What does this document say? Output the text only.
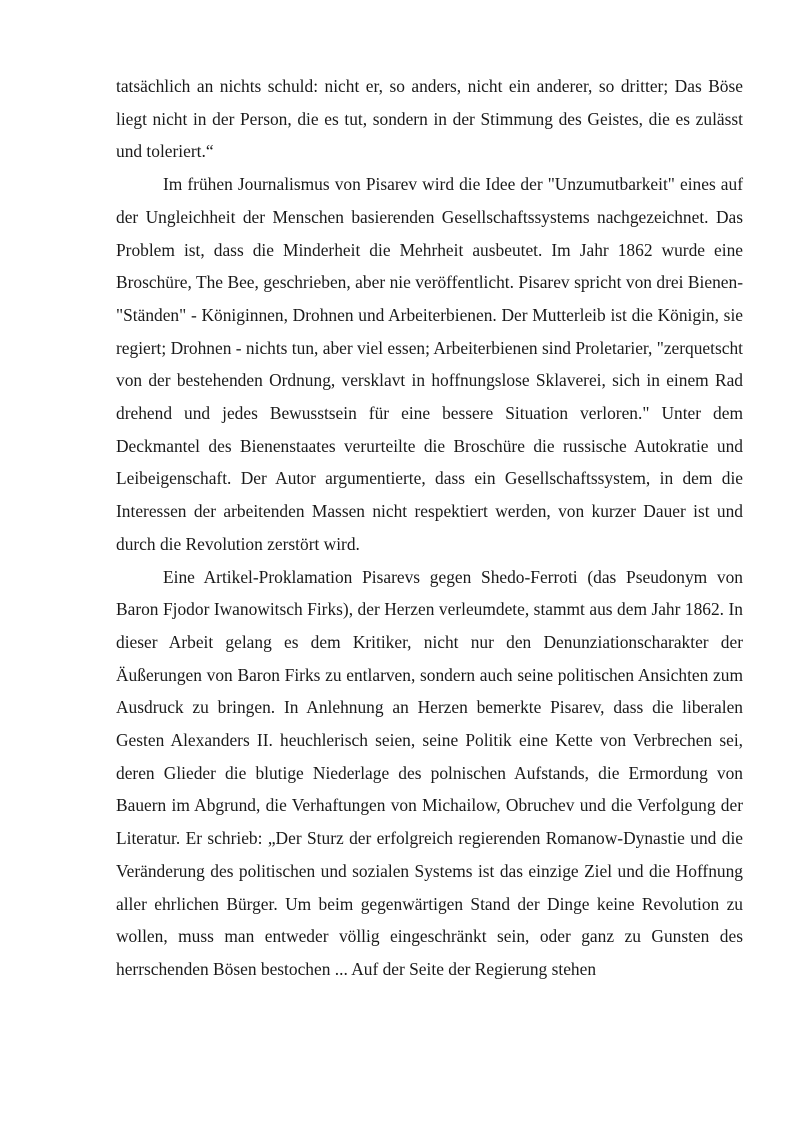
tatsächlich an nichts schuld: nicht er, so anders, nicht ein anderer, so dritter; Das Böse liegt nicht in der Person, die es tut, sondern in der Stimmung des Geistes, die es zulässt und toleriert.“

Im frühen Journalismus von Pisarev wird die Idee der "Unzumutbarkeit" eines auf der Ungleichheit der Menschen basierenden Gesellschaftssystems nachgezeichnet. Das Problem ist, dass die Minderheit die Mehrheit ausbeutet. Im Jahr 1862 wurde eine Broschüre, The Bee, geschrieben, aber nie veröffentlicht. Pisarev spricht von drei Bienen-"Ständen" - Königinnen, Drohnen und Arbeiterbienen. Der Mutterleib ist die Königin, sie regiert; Drohnen - nichts tun, aber viel essen; Arbeiterbienen sind Proletarier, "zerquetscht von der bestehenden Ordnung, versklavt in hoffnungslose Sklaverei, sich in einem Rad drehend und jedes Bewusstsein für eine bessere Situation verloren." Unter dem Deckmantel des Bienenstaates verurteilte die Broschüre die russische Autokratie und Leibeigenschaft. Der Autor argumentierte, dass ein Gesellschaftssystem, in dem die Interessen der arbeitenden Massen nicht respektiert werden, von kurzer Dauer ist und durch die Revolution zerstört wird.

Eine Artikel-Proklamation Pisarevs gegen Shedo-Ferroti (das Pseudonym von Baron Fjodor Iwanowitsch Firks), der Herzen verleumdete, stammt aus dem Jahr 1862. In dieser Arbeit gelang es dem Kritiker, nicht nur den Denunziationscharakter der Äußerungen von Baron Firks zu entlarven, sondern auch seine politischen Ansichten zum Ausdruck zu bringen. In Anlehnung an Herzen bemerkte Pisarev, dass die liberalen Gesten Alexanders II. heuchlerisch seien, seine Politik eine Kette von Verbrechen sei, deren Glieder die blutige Niederlage des polnischen Aufstands, die Ermordung von Bauern im Abgrund, die Verhaftungen von Michailow, Obruchev und die Verfolgung der Literatur. Er schrieb: „Der Sturz der erfolgreich regierenden Romanow-Dynastie und die Veränderung des politischen und sozialen Systems ist das einzige Ziel und die Hoffnung aller ehrlichen Bürger. Um beim gegenwärtigen Stand der Dinge keine Revolution zu wollen, muss man entweder völlig eingeschränkt sein, oder ganz zu Gunsten des herrschenden Bösen bestochen ... Auf der Seite der Regierung stehen
